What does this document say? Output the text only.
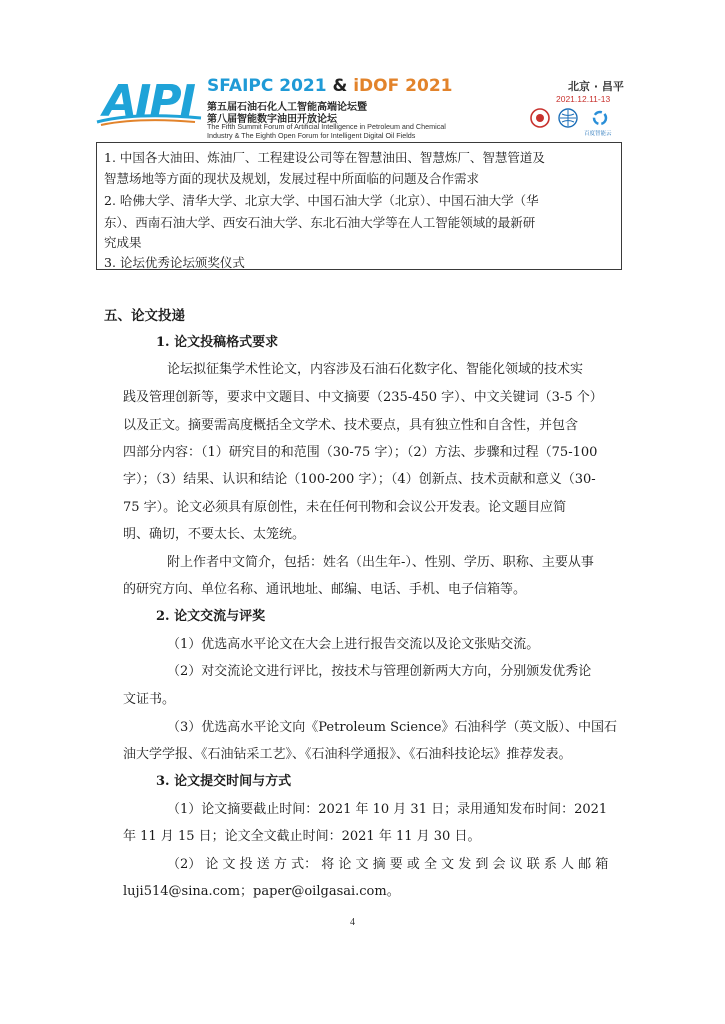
AIPI SFAIPC 2021 & iDOF 2021
第五届石油石化人工智能高端论坛暨
第八届智能数字油田开放论坛
The Fifth Summit Forum of Artificial Intelligence in Petroleum and Chemical
Industry & The Eighth Open Forum for Intelligent Digital Oil Fields
北京 · 昌平
2021.12.11-13
百度智能云
1. 中国各大油田、炼油厂、工程建设公司等在智慧油田、智慧炼厂、智慧管道及
智慧场地等方面的现状及规划，发展过程中所面临的问题及合作需求
2. 哈佛大学、清华大学、北京大学、中国石油大学（北京）、中国石油大学（华
东）、西南石油大学、西安石油大学、东北石油大学等在人工智能领域的最新研
究成果
3. 论坛优秀论坛颁奖仪式
五、论文投递
1. 论文投稿格式要求
论坛拟征集学术性论文，内容涉及石油石化数字化、智能化领域的技术实
践及管理创新等，要求中文题目、中文摘要（235-450 字）、中文关键词（3-5 个）
以及正文。摘要需高度概括全文学术、技术要点，具有独立性和自含性，并包含
四部分内容：（1）研究目的和范围（30-75 字）；（2）方法、步骤和过程（75-100
字）；（3）结果、认识和结论（100-200 字）；（4）创新点、技术贡献和意义（30-
75 字）。论文必须具有原创性，未在任何刊物和会议公开发表。论文题目应简
明、确切，不要太长、太笼统。
附上作者中文简介，包括：姓名（出生年-）、性别、学历、职称、主要从事
的研究方向、单位名称、通讯地址、邮编、电话、手机、电子信箱等。
2. 论文交流与评奖
（1）优选高水平论文在大会上进行报告交流以及论文张贴交流。
（2）对交流论文进行评比，按技术与管理创新两大方向，分别颁发优秀论
文证书。
（3）优选高水平论文向《Petroleum Science》石油科学（英文版）、中国石
油大学学报、《石油钻采工艺》、《石油科学通报》、《石油科技论坛》推荐发表。
3. 论文提交时间与方式
（1）论文摘要截止时间：2021 年 10 月 31 日；录用通知发布时间：2021
年 11 月 15 日；论文全文截止时间：2021 年 11 月 30 日。
（2） 论 文 投 送 方 式： 将 论 文 摘 要 或 全 文 发 到 会 议 联 系 人 邮 箱
luji514@sina.com；paper@oilgasai.com。
4
